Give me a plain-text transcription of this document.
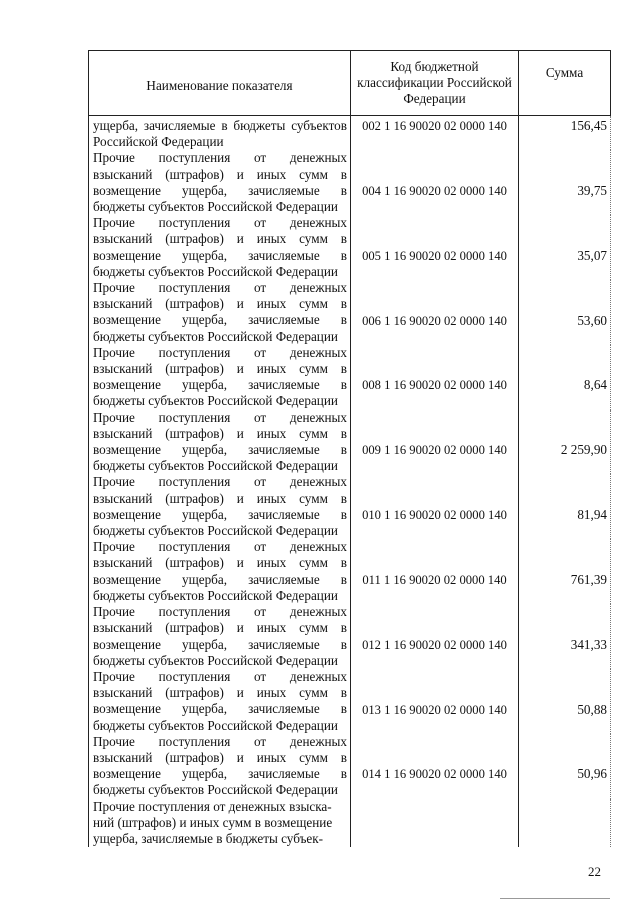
Наименование показателя	Код бюджетной классификации Российской Федерации	Сумма
ущерба, зачисляемые в бюджеты субъектов Российской Федерации	002 1 16 90020 02 0000 140	156,45
Прочие поступления от денежных взысканий (штрафов) и иных сумм в возмещение ущерба, зачисляемые в бюджеты субъектов Российской Федерации	004 1 16 90020 02 0000 140	39,75
Прочие поступления от денежных взысканий (штрафов) и иных сумм в возмещение ущерба, зачисляемые в бюджеты субъектов Российской Федерации	005 1 16 90020 02 0000 140	35,07
Прочие поступления от денежных взысканий (штрафов) и иных сумм в возмещение ущерба, зачисляемые в бюджеты субъектов Российской Федерации	006 1 16 90020 02 0000 140	53,60
Прочие поступления от денежных взысканий (штрафов) и иных сумм в возмещение ущерба, зачисляемые в бюджеты субъектов Российской Федерации	008 1 16 90020 02 0000 140	8,64
Прочие поступления от денежных взысканий (штрафов) и иных сумм в возмещение ущерба, зачисляемые в бюджеты субъектов Российской Федерации	009 1 16 90020 02 0000 140	2 259,90
Прочие поступления от денежных взысканий (штрафов) и иных сумм в возмещение ущерба, зачисляемые в бюджеты субъектов Российской Федерации	010 1 16 90020 02 0000 140	81,94
Прочие поступления от денежных взысканий (штрафов) и иных сумм в возмещение ущерба, зачисляемые в бюджеты субъектов Российской Федерации	011 1 16 90020 02 0000 140	761,39
Прочие поступления от денежных взысканий (штрафов) и иных сумм в возмещение ущерба, зачисляемые в бюджеты субъектов Российской Федерации	012 1 16 90020 02 0000 140	341,33
Прочие поступления от денежных взысканий (штрафов) и иных сумм в возмещение ущерба, зачисляемые в бюджеты субъектов Российской Федерации	013 1 16 90020 02 0000 140	50,88
Прочие поступления от денежных взысканий (штрафов) и иных сумм в возмещение ущерба, зачисляемые в бюджеты субъектов Российской Федерации	014 1 16 90020 02 0000 140	50,96

Прочие поступления от денежных взыска-
ний (штрафов) и иных сумм в возмещение
ущерба, зачисляемые в бюджеты субъек-		

22
